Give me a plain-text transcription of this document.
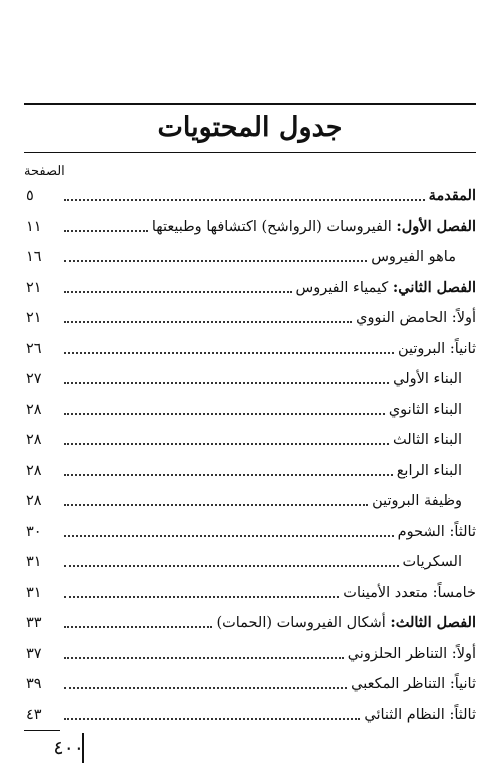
جدول المحتويات
الصفحة
المقدمة
٥
الفصل الأول: الفيروسات (الرواشح) اكتشافها وطبيعتها
١١
ماهو الفيروس
١٦
الفصل الثاني: كيمياء الفيروس
٢١
أولاً: الحامض النووي
٢١
ثانياً: البروتين
٢٦
البناء الأولي
٢٧
البناء الثانوي
٢٨
البناء الثالث
٢٨
البناء الرابع
٢٨
وظيفة البروتين
٢٨
ثالثاً: الشحوم
٣٠
السكريات
٣١
خامساً: متعدد الأمينات
٣١
الفصل الثالث: أشكال الفيروسات (الحمات)
٣٣
أولاً: التناظر الحلزوني
٣٧
ثانياً: التناظر المكعبي
٣٩
ثالثاً: النظام الثنائي
٤٣
٤٠٠
